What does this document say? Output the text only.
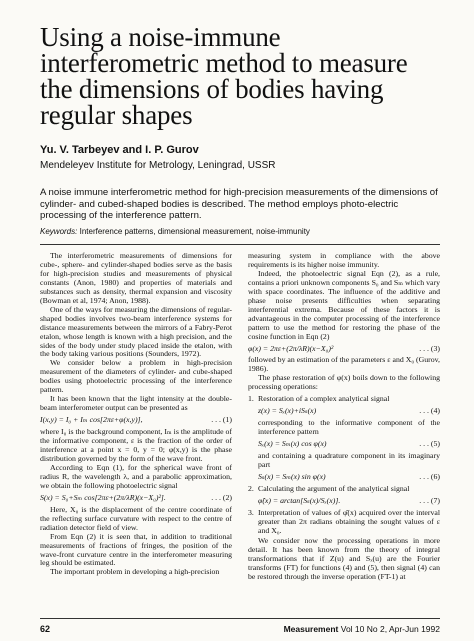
Using a noise-immune interferometric method to measure the dimensions of bodies having regular shapes
Yu. V. Tarbeyev and I. P. Gurov
Mendeleyev Institute for Metrology, Leningrad, USSR
A noise immune interferometric method for high-precision measurements of the dimensions of cylinder- and cubed-shaped bodies is described. The method employs photo-electric processing of the interference pattern.
Keywords: Interference patterns, dimensional measurement, noise-immunity

The interferometric measurements of dimensions for cube-, sphere- and cylinder-shaped bodies serve as the basis for high-precision studies and measurements of physical constants (Anon, 1980) and properties of materials and substances such as density, thermal expansion and viscosity (Bowman et al, 1974; Anon, 1988).

One of the ways for measuring the dimensions of regular-shaped bodies involves two-beam interference systems for distance measurements between the mirrors of a Fabry-Perot etalon, whose length is known with a high precision, and the sides of the body under study placed inside the etalon, with the body taking various positions (Sounders, 1972).

We consider below a problem in high-precision measurement of the diameters of cylinder- and cube-shaped bodies using photoelectric processing of the interference pattern.

It has been known that the light intensity at the double-beam interferometer output can be presented as

I(x,y) = I₀ + Iₘ cos[2πε+φ(x,y)],	. . . (1)

where I₀ is the background component, Iₘ is the amplitude of the informative component, ε is the fraction of the order of interference at a point x = 0, y = 0; φ(x,y) is the phase distribution governed by the form of the wave front.

According to Eqn (1), for the spherical wave front of radius R, the wavelength λ, and a parabolic approximation, we obtain the following photoelectric signal

S(x) = S₀+Sₘ cos[2πε+(2π/λR)(x−X₀)²].	. . . (2)

Here, X₀ is the displacement of the centre coordinate of the reflecting surface curvature with respect to the centre of radiation detector field of view.

From Eqn (2) it is seen that, in addition to traditional measurements of fractions of fringes, the position of the wave-front curvature centre in the interferometer measuring leg should be estimated.

The important problem in developing a high-precision

measuring system in compliance with the above requirements is its higher noise immunity.

Indeed, the photoelectric signal Eqn (2), as a rule, contains a priori unknown components S₀ and Sₘ which vary with space coordinates. The influence of the additive and phase noise presents difficulties when separating interferential extrema. Because of these factors it is advantageous in the computer processing of the interference pattern to use the method for restoring the phase of the cosine function in Eqn (2)

φ(x) = 2πε+(2π/λR)(x−X₀)²	. . . (3)

followed by an estimation of the parameters ε and X₀ (Gurov, 1986).

The phase restoration of φ(x) boils down to the following processing operations:

1. Restoration of a complex analytical signal
z(x) = Sₓ(x)+iSₛ(x)	. . . (4)

corresponding to the informative component of the interference pattern

Sₓ(x) = Sₘ(x) cos φ(x)	. . . (5)

and containing a quadrature component in its imaginary part

Sₛ(x) = Sₘ(x) sin φ(x)	. . . (6)
2. Calculating the argument of the analytical signal
φ̂(x) = arctan[Sₛ(x)/Sₓ(x)].	. . . (7)
3. Interpretation of values of φ̂(x) acquired over the interval greater than 2π radians obtaining the sought values of ε and X₀.

We consider now the processing operations in more detail. It has been known from the theory of integral transformations that if Z(u) and Sₓ(u) are the Fourier transforms (FT) for functions (4) and (5), then signal (4) can be restored through the inverse operation (FT-1) at

62	Measurement Vol 10 No 2, Apr-Jun 1992
